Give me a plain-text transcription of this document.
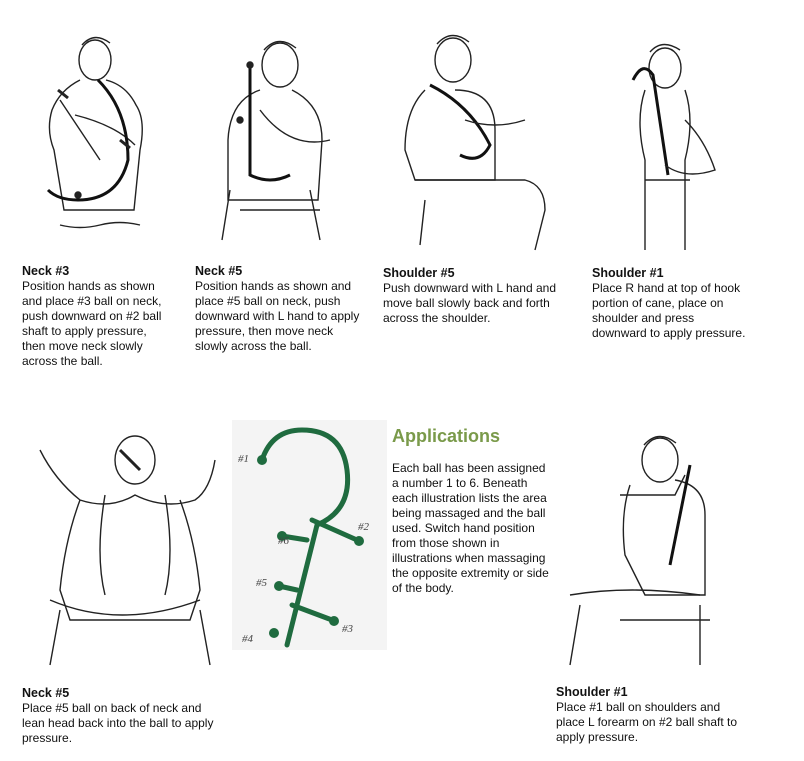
Neck #3
Position hands as shown and place #3 ball on neck, push downward on #2 ball shaft to apply pressure, then move neck slowly across the ball.
Neck #5
Position hands as shown and place #5 ball on neck, push downward with L hand to apply pressure, then move neck slowly across the ball.
Shoulder #5
Push downward with L hand and move ball slowly back and forth across the shoulder.
Shoulder #1
Place R hand at top of hook portion of cane, place on shoulder and press downward to apply pressure.
#1
#2
#3
#4
#5
#6
Applications
Each ball has been assigned a number 1 to 6. Beneath each illustration lists the area being massaged and the ball used. Switch hand position from those shown in illustrations when massaging the opposite extremity or side of the body.
Neck #5
Place #5 ball on back of neck and lean head back into the ball to apply pressure.
Shoulder #1
Place #1 ball on shoulders and place L forearm on #2 ball shaft to apply pressure.
